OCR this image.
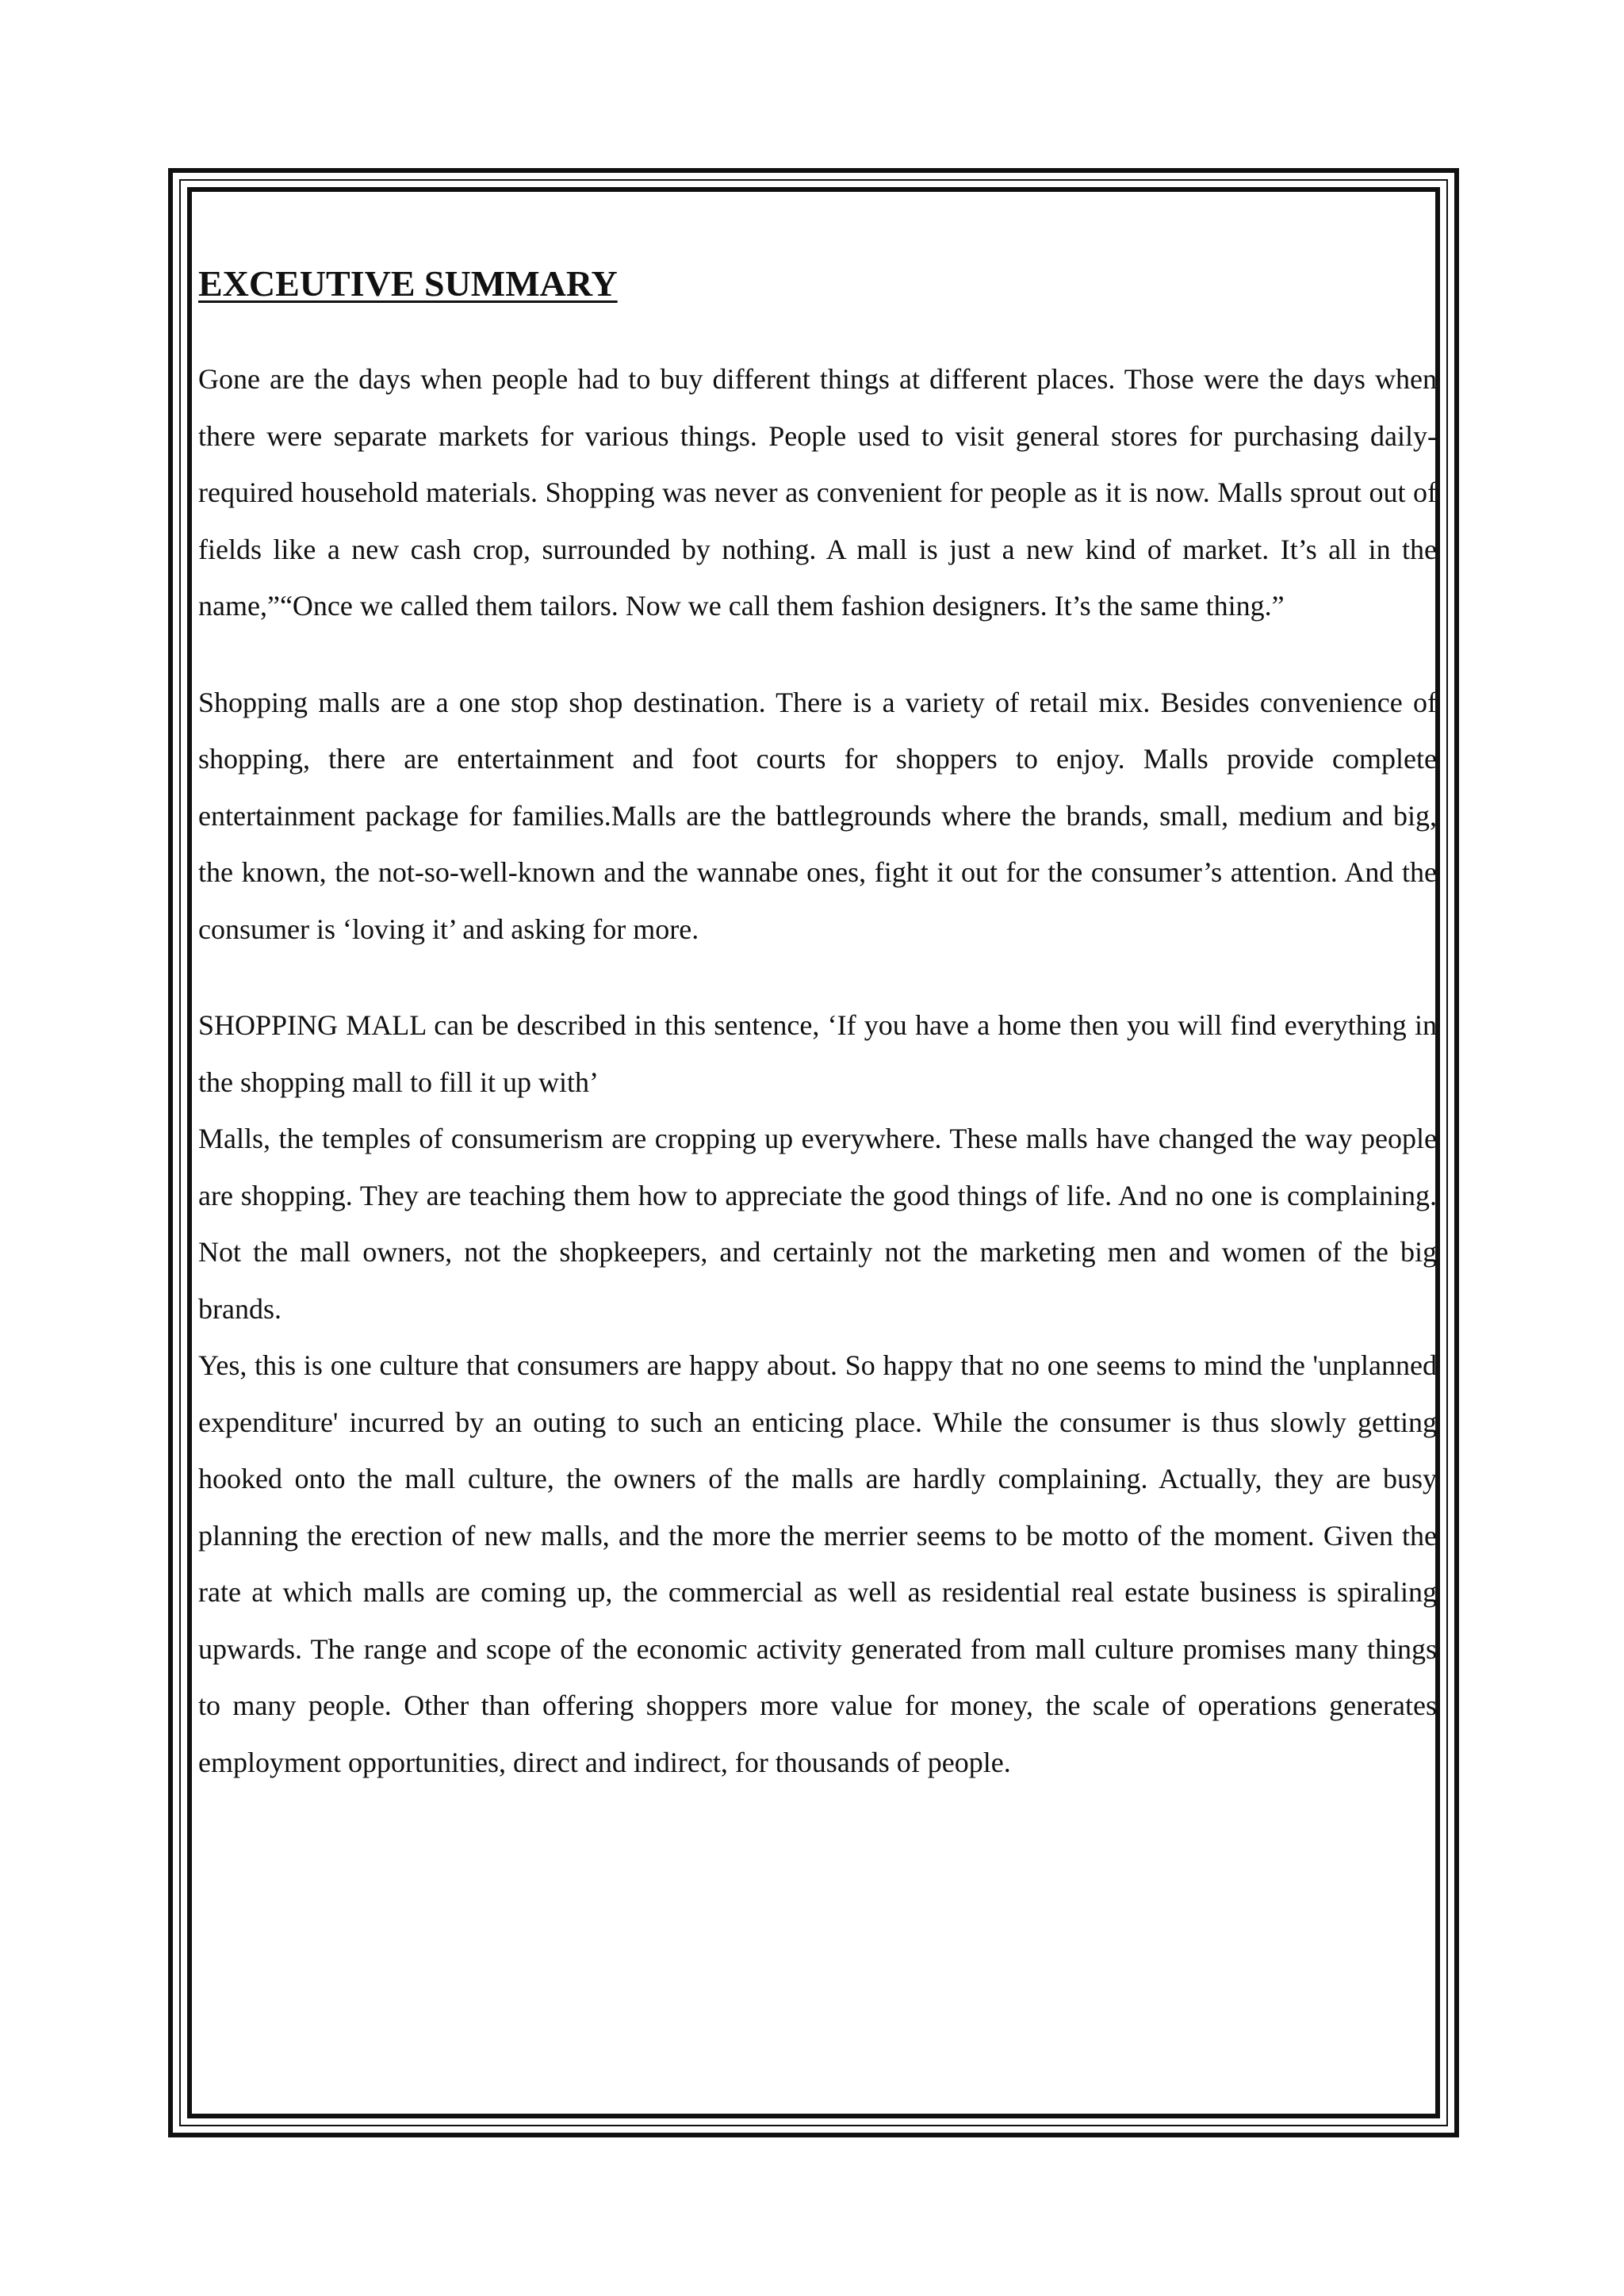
EXCEUTIVE SUMMARY

Gone are the days when people had to buy different things at different places. Those were the days when there were separate markets for various things. People used to visit general stores for purchasing daily-required household materials. Shopping was never as convenient for people as it is now. Malls sprout out of fields like a new cash crop, surrounded by nothing. A mall is just a new kind of market. It’s all in the name,”“Once we called them tailors. Now we call them fashion designers. It’s the same thing.”

Shopping malls are a one stop shop destination. There is a variety of retail mix. Besides convenience of shopping, there are entertainment and foot courts for shoppers to enjoy. Malls provide complete entertainment package for families.Malls are the battlegrounds where the brands, small, medium and big, the known, the not-so-well-known and the wannabe ones, fight it out for the consumer’s attention. And the consumer is ‘loving it’ and asking for more.

SHOPPING MALL can be described in this sentence, ‘If you have a home then you will find everything in the shopping mall to fill it up with’

Malls, the temples of consumerism are cropping up everywhere. These malls have changed the way people are shopping. They are teaching them how to appreciate the good things of life. And no one is complaining. Not the mall owners, not the shopkeepers, and certainly not the marketing men and women of the big brands.

Yes, this is one culture that consumers are happy about. So happy that no one seems to mind the 'unplanned expenditure' incurred by an outing to such an enticing place. While the consumer is thus slowly getting hooked onto the mall culture, the owners of the malls are hardly complaining. Actually, they are busy planning the erection of new malls, and the more the merrier seems to be motto of the moment. Given the rate at which malls are coming up, the commercial as well as residential real estate business is spiraling upwards. The range and scope of the economic activity generated from mall culture promises many things to many people. Other than offering shoppers more value for money, the scale of operations generates employment opportunities, direct and indirect, for thousands of people.
